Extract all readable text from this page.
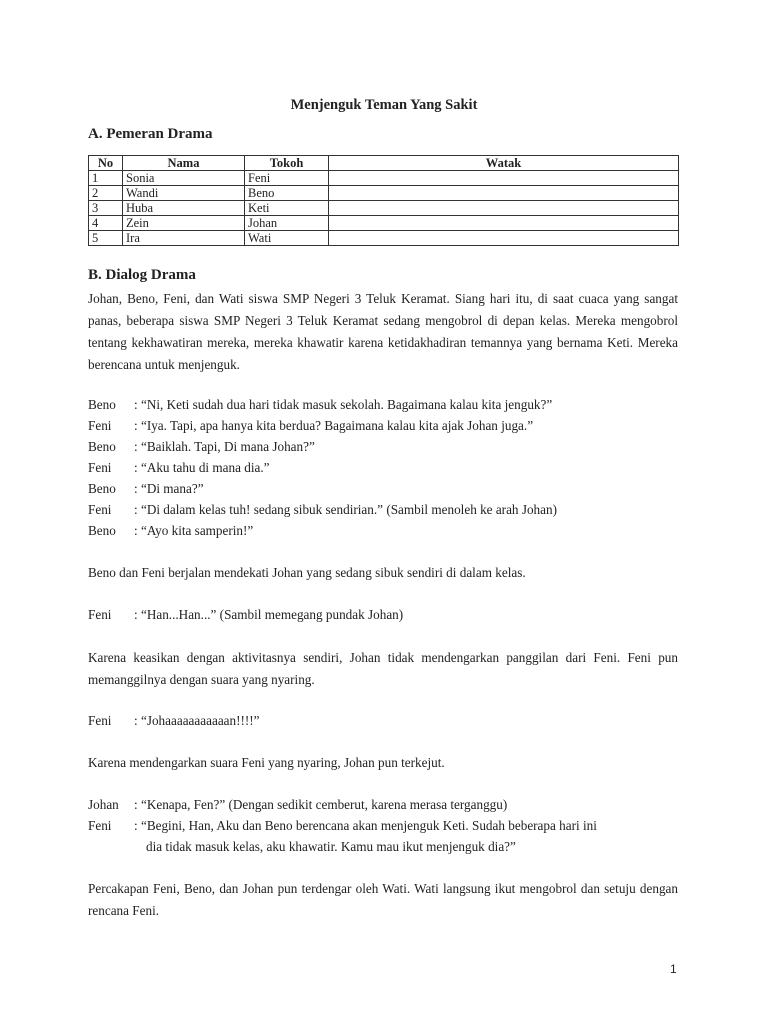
Menjenguk Teman Yang Sakit
A. Pemeran Drama
No	Nama	Tokoh	Watak
1	Sonia	Feni	
2	Wandi	Beno	
3	Huba	Keti	
4	Zein	Johan	
5	Ira	Wati	
B. Dialog Drama
Johan, Beno, Feni, dan Wati siswa SMP Negeri 3 Teluk Keramat. Siang hari itu, di saat cuaca yang sangat panas, beberapa siswa SMP Negeri 3 Teluk Keramat sedang mengobrol di depan kelas. Mereka mengobrol tentang kekhawatiran mereka, mereka khawatir karena ketidakhadiran temannya yang bernama Keti. Mereka berencana untuk menjenguk.
Beno : “Ni, Keti sudah dua hari tidak masuk sekolah. Bagaimana kalau kita jenguk?”
Feni : “Iya. Tapi, apa hanya kita berdua? Bagaimana kalau kita ajak Johan juga.”
Beno : “Baiklah. Tapi, Di mana Johan?”
Feni : “Aku tahu di mana dia.”
Beno : “Di mana?”
Feni : “Di dalam kelas tuh! sedang sibuk sendirian.” (Sambil menoleh ke arah Johan)
Beno : “Ayo kita samperin!”
Beno dan Feni berjalan mendekati Johan yang sedang sibuk sendiri di dalam kelas.
Feni : “Han...Han...” (Sambil memegang pundak Johan)
Karena keasikan dengan aktivitasnya sendiri, Johan tidak mendengarkan panggilan dari Feni. Feni pun memanggilnya dengan suara yang nyaring.
Feni : “Johaaaaaaaaaaan!!!!”
Karena mendengarkan suara Feni yang nyaring, Johan pun terkejut.
Johan : “Kenapa, Fen?” (Dengan sedikit cemberut, karena merasa terganggu)
Feni : “Begini, Han, Aku dan Beno berencana akan menjenguk Keti. Sudah beberapa hari ini
dia tidak masuk kelas, aku khawatir. Kamu mau ikut menjenguk dia?”
Percakapan Feni, Beno, dan Johan pun terdengar oleh Wati. Wati langsung ikut mengobrol dan setuju dengan rencana Feni.
1
